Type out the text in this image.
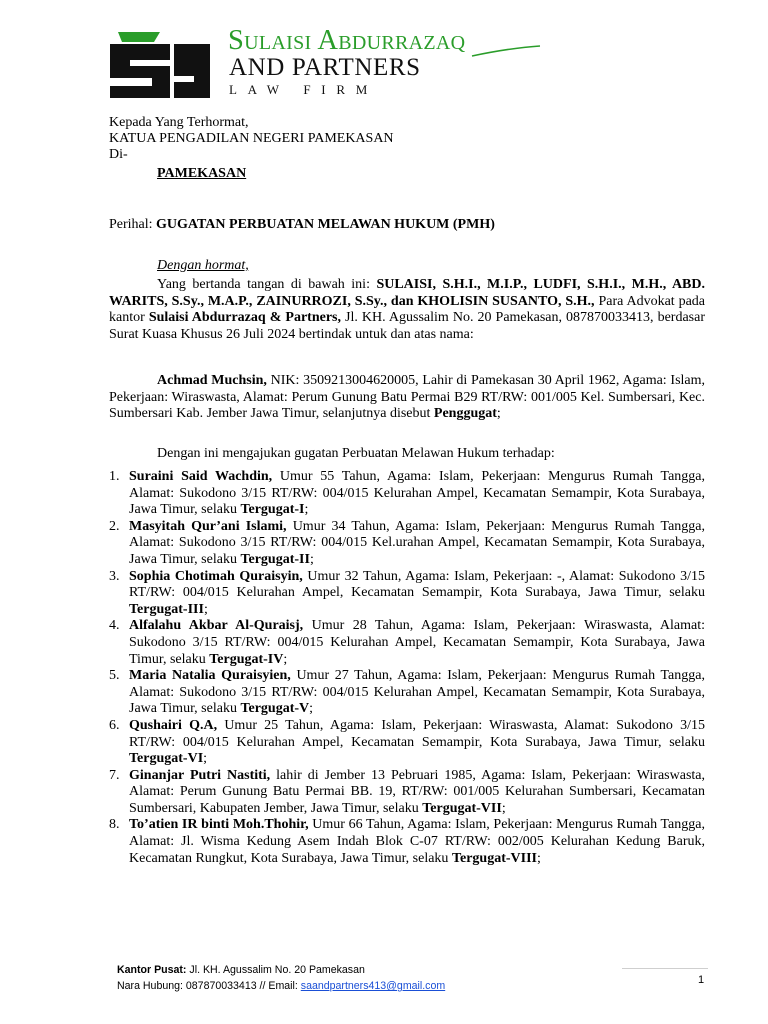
Sulaisi Abdurrazaq
AND PARTNERS
LAW FIRM
Kepada Yang Terhormat,
KATUA PENGADILAN NEGERI PAMEKASAN
Di-
PAMEKASAN
Perihal: GUGATAN PERBUATAN MELAWAN HUKUM (PMH)
Dengan hormat,
Yang bertanda tangan di bawah ini: SULAISI, S.H.I., M.I.P., LUDFI, S.H.I., M.H., ABD. WARITS, S.Sy., M.A.P., ZAINURROZI, S.Sy., dan KHOLISIN SUSANTO, S.H., Para Advokat pada kantor Sulaisi Abdurrazaq & Partners, Jl. KH. Agussalim No. 20 Pamekasan, 087870033413, berdasar Surat Kuasa Khusus 26 Juli 2024 bertindak untuk dan atas nama:
Achmad Muchsin, NIK: 3509213004620005, Lahir di Pamekasan 30 April 1962, Agama: Islam, Pekerjaan: Wiraswasta, Alamat: Perum Gunung Batu Permai B29 RT/RW: 001/005 Kel. Sumbersari, Kec. Sumbersari Kab. Jember Jawa Timur, selanjutnya disebut Penggugat;
Dengan ini mengajukan gugatan Perbuatan Melawan Hukum terhadap:
1. Suraini Said Wachdin, Umur 55 Tahun, Agama: Islam, Pekerjaan: Mengurus Rumah Tangga, Alamat: Sukodono 3/15 RT/RW: 004/015 Kelurahan Ampel, Kecamatan Semampir, Kota Surabaya, Jawa Timur, selaku Tergugat-I;
2. Masyitah Qur’ani Islami, Umur 34 Tahun, Agama: Islam, Pekerjaan: Mengurus Rumah Tangga, Alamat: Sukodono 3/15 RT/RW: 004/015 Kel.urahan Ampel, Kecamatan Semampir, Kota Surabaya, Jawa Timur, selaku Tergugat-II;
3. Sophia Chotimah Quraisyin, Umur 32 Tahun, Agama: Islam, Pekerjaan: -, Alamat: Sukodono 3/15 RT/RW: 004/015 Kelurahan Ampel, Kecamatan Semampir, Kota Surabaya, Jawa Timur, selaku Tergugat-III;
4. Alfalahu Akbar Al-Quraisj, Umur 28 Tahun, Agama: Islam, Pekerjaan: Wiraswasta, Alamat: Sukodono 3/15 RT/RW: 004/015 Kelurahan Ampel, Kecamatan Semampir, Kota Surabaya, Jawa Timur, selaku Tergugat-IV;
5. Maria Natalia Quraisyien, Umur 27 Tahun, Agama: Islam, Pekerjaan: Mengurus Rumah Tangga, Alamat: Sukodono 3/15 RT/RW: 004/015 Kelurahan Ampel, Kecamatan Semampir, Kota Surabaya, Jawa Timur, selaku Tergugat-V;
6. Qushairi Q.A, Umur 25 Tahun, Agama: Islam, Pekerjaan: Wiraswasta, Alamat: Sukodono 3/15 RT/RW: 004/015 Kelurahan Ampel, Kecamatan Semampir, Kota Surabaya, Jawa Timur, selaku Tergugat-VI;
7. Ginanjar Putri Nastiti, lahir di Jember 13 Pebruari 1985, Agama: Islam, Pekerjaan: Wiraswasta, Alamat: Perum Gunung Batu Permai BB. 19, RT/RW: 001/005 Kelurahan Sumbersari, Kecamatan Sumbersari, Kabupaten Jember, Jawa Timur, selaku Tergugat-VII;
8. To’atien IR binti Moh.Thohir, Umur 66 Tahun, Agama: Islam, Pekerjaan: Mengurus Rumah Tangga, Alamat: Jl. Wisma Kedung Asem Indah Blok C-07 RT/RW: 002/005 Kelurahan Kedung Baruk, Kecamatan Rungkut, Kota Surabaya, Jawa Timur, selaku Tergugat-VIII;
Kantor Pusat: Jl. KH. Agussalim No. 20 Pamekasan
Nara Hubung: 087870033413 // Email: saandpartners413@gmail.com	1
